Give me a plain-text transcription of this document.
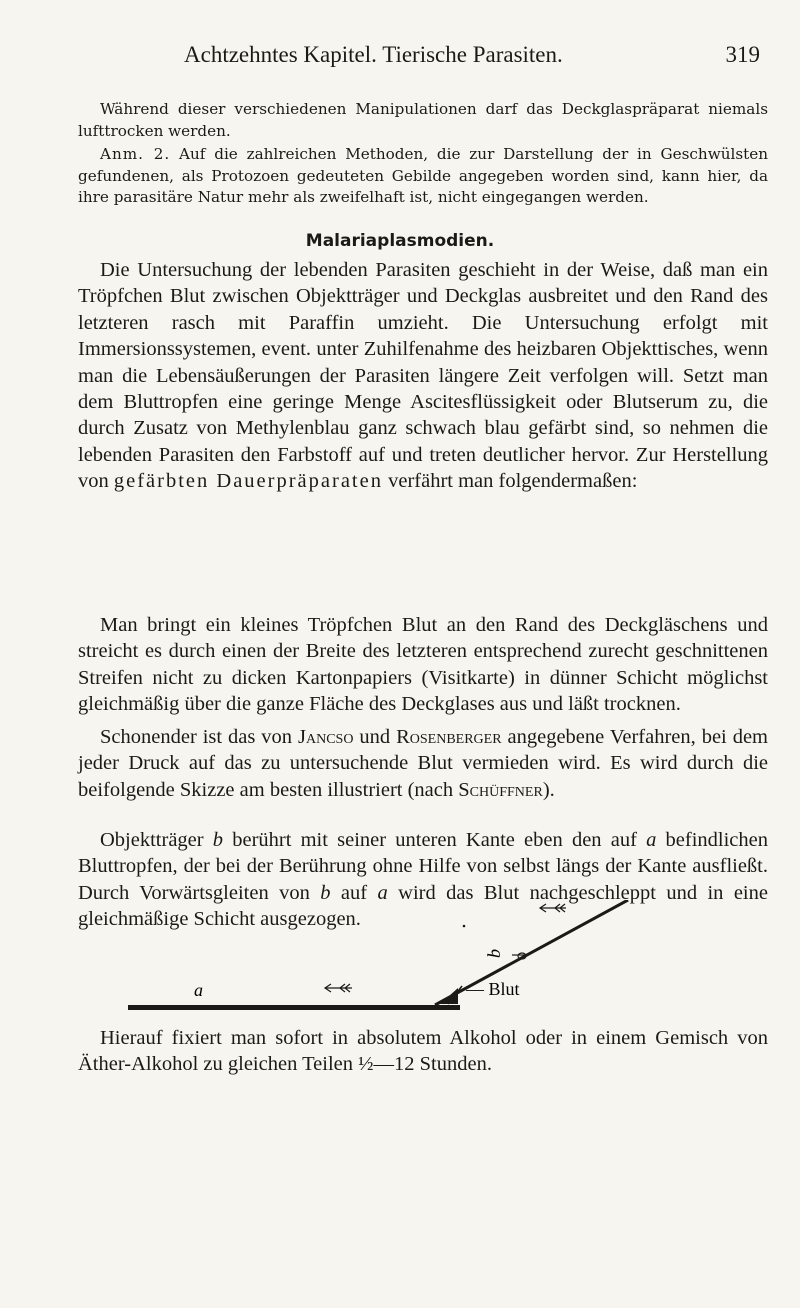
Achtzehntes Kapitel. Tierische Parasiten.	319
Während dieser verschiedenen Manipulationen darf das Deckglaspräparat niemals lufttrocken werden.
Anm. 2. Auf die zahlreichen Methoden, die zur Darstellung der in Geschwülsten gefundenen, als Protozoen gedeuteten Gebilde angegeben worden sind, kann hier, da ihre parasitäre Natur mehr als zweifelhaft ist, nicht eingegangen werden.
Malariaplasmodien.
Die Untersuchung der lebenden Parasiten geschieht in der Weise, daß man ein Tröpfchen Blut zwischen Objektträger und Deckglas ausbreitet und den Rand des letzteren rasch mit Paraffin umzieht. Die Untersuchung erfolgt mit Immersionssystemen, event. unter Zuhilfenahme des heizbaren Objekttisches, wenn man die Lebensäußerungen der Parasiten längere Zeit verfolgen will. Setzt man dem Bluttropfen eine geringe Menge Ascitesflüssigkeit oder Blutserum zu, die durch Zusatz von Methylenblau ganz schwach blau gefärbt sind, so nehmen die lebenden Parasiten den Farbstoff auf und treten deutlicher hervor. Zur Herstellung von gefärbten Dauerpräparaten verfährt man folgendermaßen:
Man bringt ein kleines Tröpfchen Blut an den Rand des Deckgläschens und streicht es durch einen der Breite des letzteren entsprechend zurecht geschnittenen Streifen nicht zu dicken Kartonpapiers (Visitkarte) in dünner Schicht möglichst gleichmäßig über die ganze Fläche des Deckglases aus und läßt trocknen.
Schonender ist das von Jancso und Rosenberger angegebene Verfahren, bei dem jeder Druck auf das zu untersuchende Blut vermieden wird. Es wird durch die beifolgende Skizze am besten illustriert (nach Schüffner).
Objektträger b berührt mit seiner unteren Kante eben den auf a befindlichen Bluttropfen, der bei der Berührung ohne Hilfe von selbst längs der Kante ausfließt. Durch Vorwärtsgleiten von b auf a wird das Blut nachgeschleppt und in eine gleichmäßige Schicht ausgezogen.
a
b
— Blut
Hierauf fixiert man sofort in absolutem Alkohol oder in einem Gemisch von Äther-Alkohol zu gleichen Teilen ½—12 Stunden.
